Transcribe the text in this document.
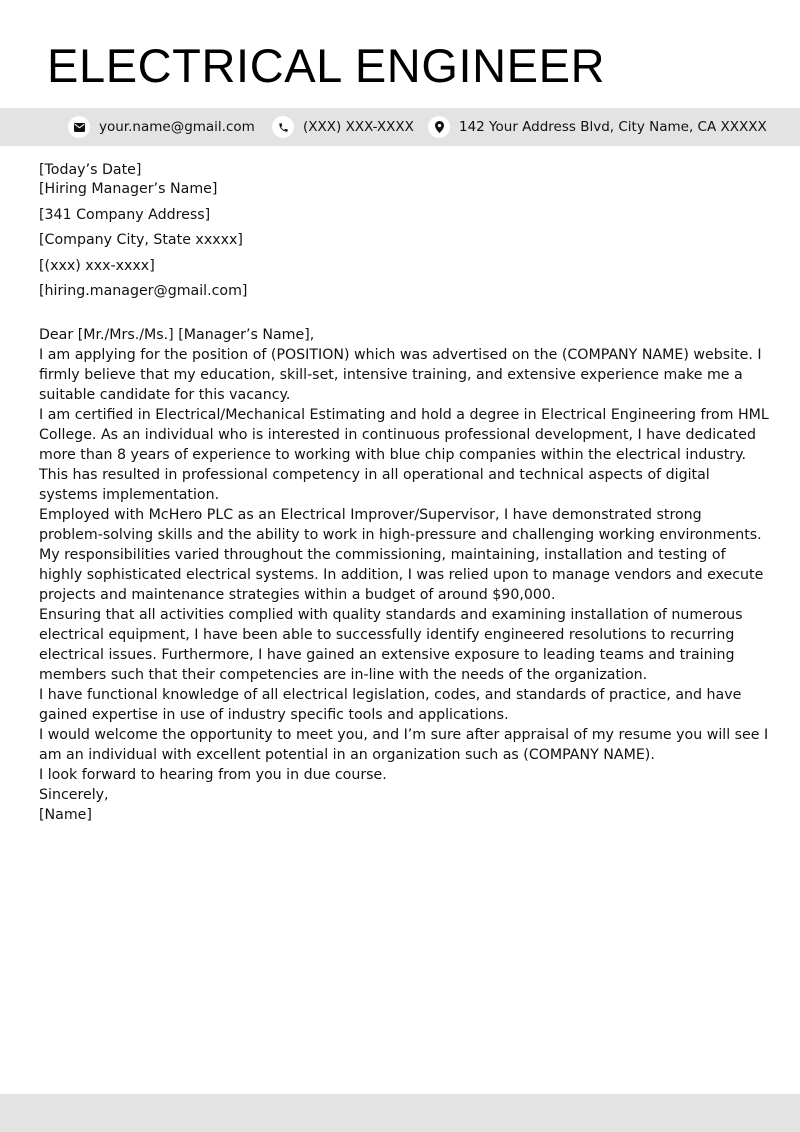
ELECTRICAL ENGINEER
your.name@gmail.com	(XXX) XXX-XXXX	142 Your Address Blvd, City Name, CA XXXXX

[Today’s Date]

[Hiring Manager’s Name]
[341 Company Address]
[Company City, State xxxxx]
[(xxx) xxx-xxxx]
[hiring.manager@gmail.com]

Dear [Mr./Mrs./Ms.] [Manager’s Name],

I am applying for the position of (POSITION) which was advertised on the (COMPANY NAME) website. I firmly believe that my education, skill-set, intensive training, and extensive experience make me a suitable candidate for this vacancy.

I am certified in Electrical/Mechanical Estimating and hold a degree in Electrical Engineering from HML College. As an individual who is interested in continuous professional development, I have dedicated more than 8 years of experience to working with blue chip companies within the electrical industry. This has resulted in professional competency in all operational and technical aspects of digital systems implementation.

Employed with McHero PLC as an Electrical Improver/Supervisor, I have demonstrated strong problem-solving skills and the ability to work in high-pressure and challenging working environments. My responsibilities varied throughout the commissioning, maintaining, installation and testing of highly sophisticated electrical systems. In addition, I was relied upon to manage vendors and execute projects and maintenance strategies within a budget of around $90,000.

Ensuring that all activities complied with quality standards and examining installation of numerous electrical equipment, I have been able to successfully identify engineered resolutions to recurring electrical issues. Furthermore, I have gained an extensive exposure to leading teams and training members such that their competencies are in-line with the needs of the organization.

I have functional knowledge of all electrical legislation, codes, and standards of practice, and have gained expertise in use of industry specific tools and applications.

I would welcome the opportunity to meet you, and I’m sure after appraisal of my resume you will see I am an individual with excellent potential in an organization such as (COMPANY NAME).

I look forward to hearing from you in due course.

Sincerely,

[Name]
